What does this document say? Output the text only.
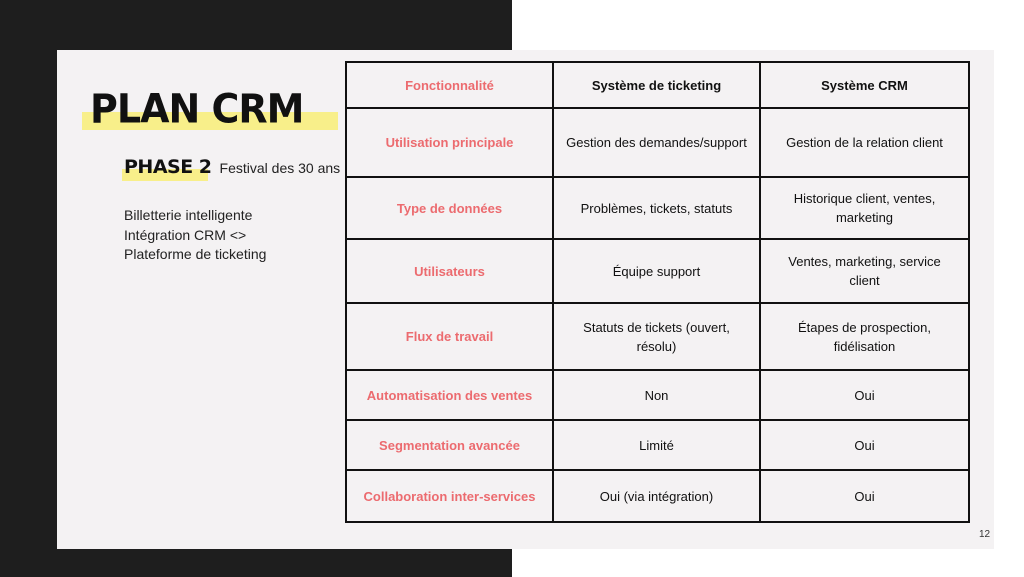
PLAN CRM
PHASE 2 Festival des 30 ans
Billetterie intelligente
Intégration CRM <>
Plateforme de ticketing
Fonctionnalité	Système de ticketing	Système CRM
Utilisation principale	Gestion des demandes/support	Gestion de la relation client
Type de données	Problèmes, tickets, statuts	Historique client, ventes, marketing
Utilisateurs	Équipe support	Ventes, marketing, service client
Flux de travail	Statuts de tickets (ouvert, résolu)	Étapes de prospection, fidélisation
Automatisation des ventes	Non	Oui
Segmentation avancée	Limité	Oui
Collaboration inter-services	Oui (via intégration)	Oui
12
